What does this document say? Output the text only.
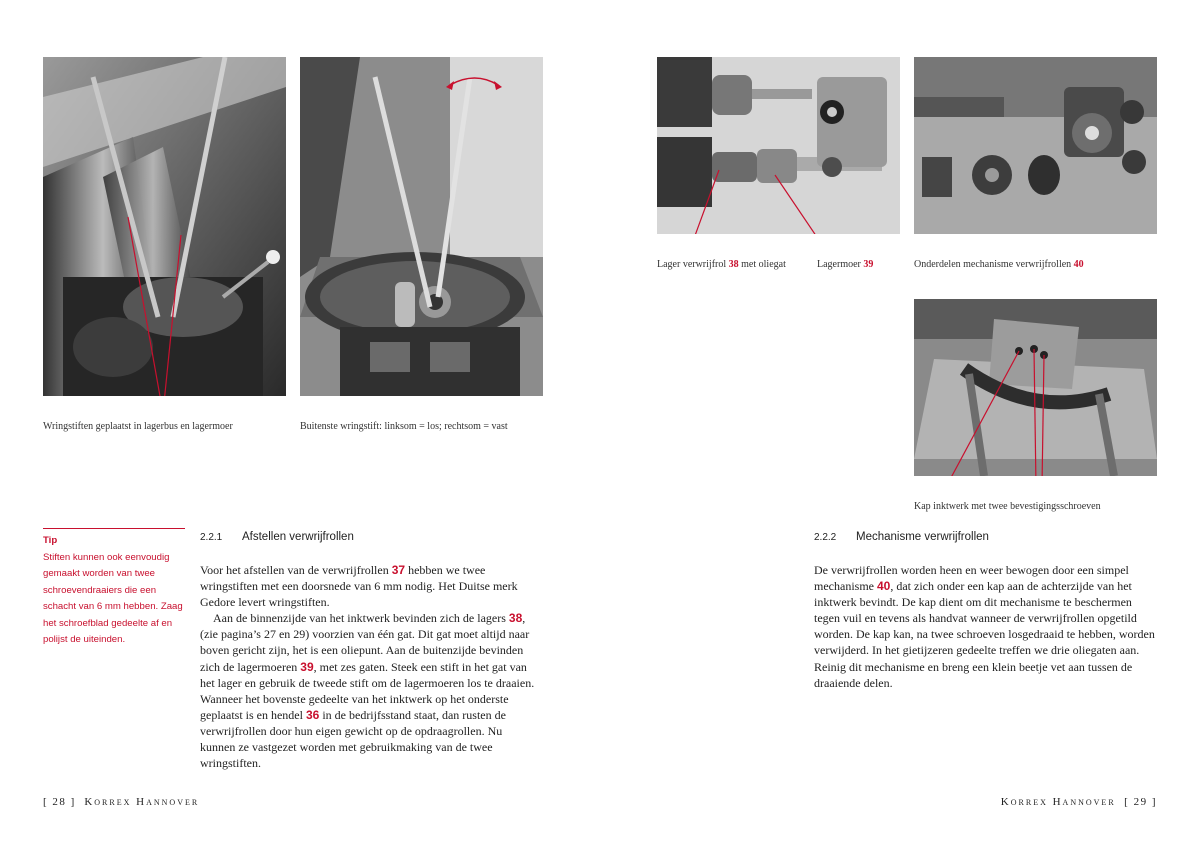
Wringstiften geplaatst in lagerbus en lagermoer	Buitenste wringstift: linksom = los; rechtsom = vast
Tip
Stiften kunnen ook eenvoudig gemaakt worden van twee schroevendraaiers die een schacht van 6 mm hebben. Zaag het schroefblad gedeelte af en polijst de uiteinden.
2.2.1 Afstellen verwrijfrollen

Voor het afstellen van de verwrijfrollen 37 hebben we twee wringstiften met een doorsnede van 6 mm nodig. Het Duitse merk Gedore levert wringstiften.

Aan de binnenzijde van het inktwerk bevinden zich de lagers 38, (zie pagina’s 27 en 29) voorzien van één gat. Dit gat moet altijd naar boven gericht zijn, het is een oliepunt. Aan de buitenzijde bevinden zich de lagermoeren 39, met zes gaten. Steek een stift in het gat van het lager en gebruik de tweede stift om de lagermoeren los te draaien. Wanneer het bovenste gedeelte van het inktwerk op het onderste geplaatst is en hendel 36 in de bedrijfsstand staat, dan rusten de verwrijfrollen door hun eigen gewicht op de opdraagrollen. Nu kunnen ze vastgezet worden met gebruikmaking van de twee wringstiften.

[ 28 ] Korrex Hannover
Lager verwrijfrol 38 met oliegat	Lagermoer 39	Onderdelen mechanisme verwrijfrollen 40
Kap inktwerk met twee bevestigingsschroeven
2.2.2 Mechanisme verwrijfrollen

De verwrijfrollen worden heen en weer bewogen door een simpel mechanisme 40, dat zich onder een kap aan de achterzijde van het inktwerk bevindt. De kap dient om dit mechanisme te beschermen tegen vuil en tevens als handvat wanneer de verwrijfrollen opgetild worden. De kap kan, na twee schroeven losgedraaid te hebben, worden verwijderd. In het gietijzeren gedeelte treffen we drie oliegaten aan. Reinig dit mechanisme en breng een klein beetje vet aan tussen de draaiende delen.

Korrex Hannover [ 29 ]
